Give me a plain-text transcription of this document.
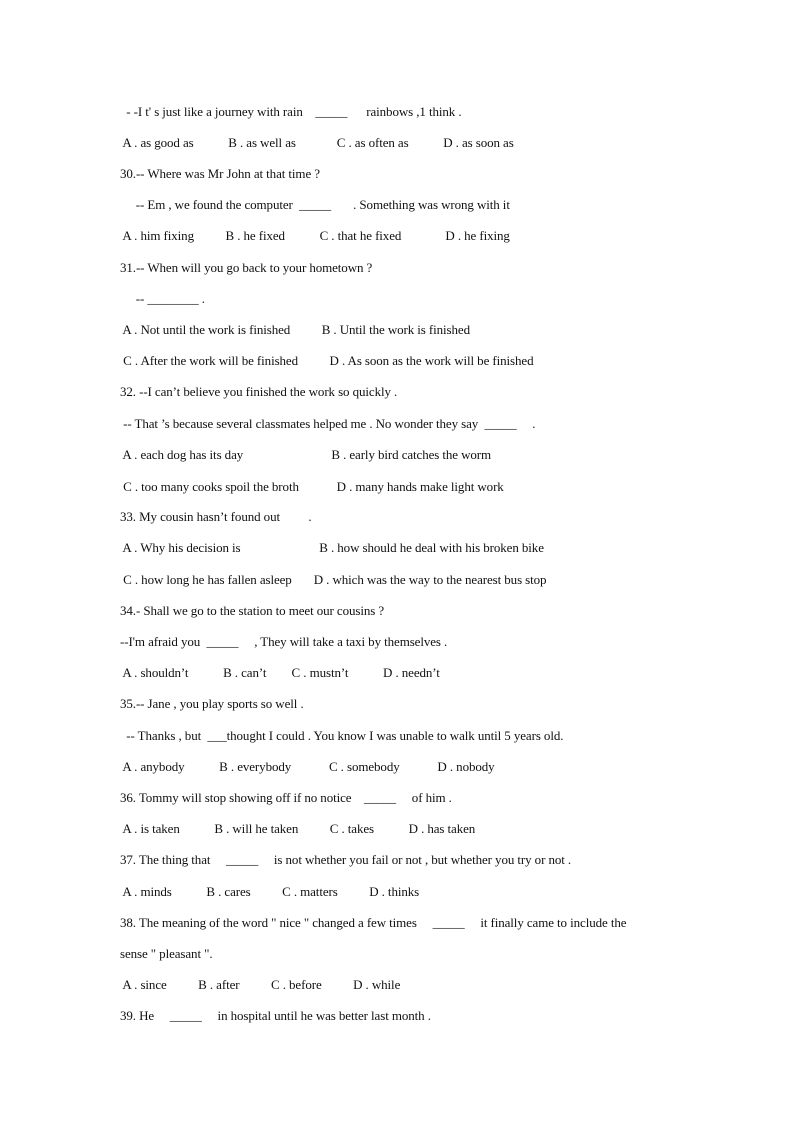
- -I t' s just like a journey with rain    _____      rainbows ,1 think .
A . as good as           B . as well as             C . as often as           D . as soon as
30.-- Where was Mr John at that time ?
-- Em , we found the computer  _____       . Something was wrong with it
A . him fixing          B . he fixed           C . that he fixed              D . he fixing
31.-- When will you go back to your hometown ?
-- ________ .
A . Not until the work is finished          B . Until the work is finished
C . After the work will be finished          D . As soon as the work will be finished
32. --I can’t believe you finished the work so quickly .
-- That ’s because several classmates helped me . No wonder they say  _____     .
A . each dog has its day                            B . early bird catches the worm
C . too many cooks spoil the broth            D . many hands make light work
33. My cousin hasn’t found out         .
A . Why his decision is                         B . how should he deal with his broken bike
C . how long he has fallen asleep       D . which was the way to the nearest bus stop
34.- Shall we go to the station to meet our cousins ?
--I'm afraid you  _____     , They will take a taxi by themselves .
A . shouldn’t           B . can’t        C . mustn’t           D . needn’t
35.-- Jane , you play sports so well .
-- Thanks , but  ___thought I could . You know I was unable to walk until 5 years old.
A . anybody           B . everybody            C . somebody            D . nobody
36. Tommy will stop showing off if no notice    _____     of him .
A . is taken           B . will he taken          C . takes           D . has taken
37. The thing that     _____     is not whether you fail or not , but whether you try or not .
A . minds           B . cares          C . matters          D . thinks
38. The meaning of the word " nice " changed a few times     _____     it finally came to include the
sense " pleasant ".
A . since          B . after          C . before          D . while
39. He     _____     in hospital until he was better last month .
